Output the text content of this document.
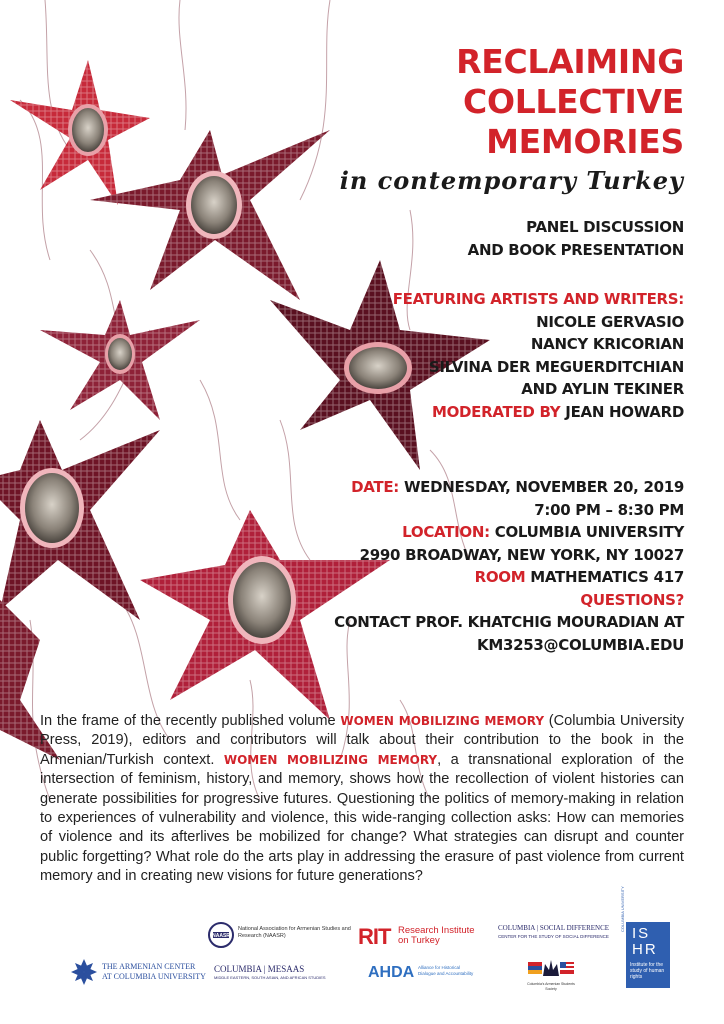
RECLAIMING
COLLECTIVE
MEMORIES
in contemporary Turkey
PANEL DISCUSSION
AND BOOK PRESENTATION
FEATURING ARTISTS AND WRITERS:
NICOLE GERVASIO
NANCY KRICORIAN
SILVINA DER MEGUERDITCHIAN
AND AYLIN TEKINER
MODERATED BY JEAN HOWARD
DATE: WEDNESDAY, NOVEMBER 20, 2019
7:00 PM – 8:30 PM
LOCATION: COLUMBIA UNIVERSITY
2990 BROADWAY, NEW YORK, NY 10027
ROOM MATHEMATICS 417
QUESTIONS?
CONTACT PROF. KHATCHIG MOURADIAN AT
KM3253@COLUMBIA.EDU
In the frame of the recently published volume WOMEN MOBILIZING MEMORY (Columbia University Press, 2019), editors and contributors will talk about their contribution to the book in the Armenian/Turkish context. WOMEN MOBILIZING MEMORY, a transnational exploration of the intersection of feminism, history, and memory, shows how the recollection of violent histories can generate possibilities for progressive futures. Questioning the politics of memory-making in relation to experiences of vulnerability and violence, this wide-ranging collection asks: How can memories of violence and its afterlives be mobilized for change? What strategies can disrupt and counter public forgetting? What role do the arts play in addressing the erasure of past violence from current memory and in creating new visions for future generations?
NAASR
National Association for Armenian Studies and Research (NAASR)	RIT Research Institute
on Turkey
COLUMBIA | SOCIAL DIFFERENCE
CENTER FOR THE STUDY OF SOCIAL DIFFERENCE
COLUMBIA UNIVERSITY
IS
HR
Institute for the study of human rights
THE ARMENIAN CENTER
AT COLUMBIA UNIVERSITY
COLUMBIA | MESAAS
MIDDLE EASTERN, SOUTH ASIAN, AND AFRICAN STUDIES	AHDA Alliance for Historical Dialogue and Accountability
Columbia's Armenian Students Society
